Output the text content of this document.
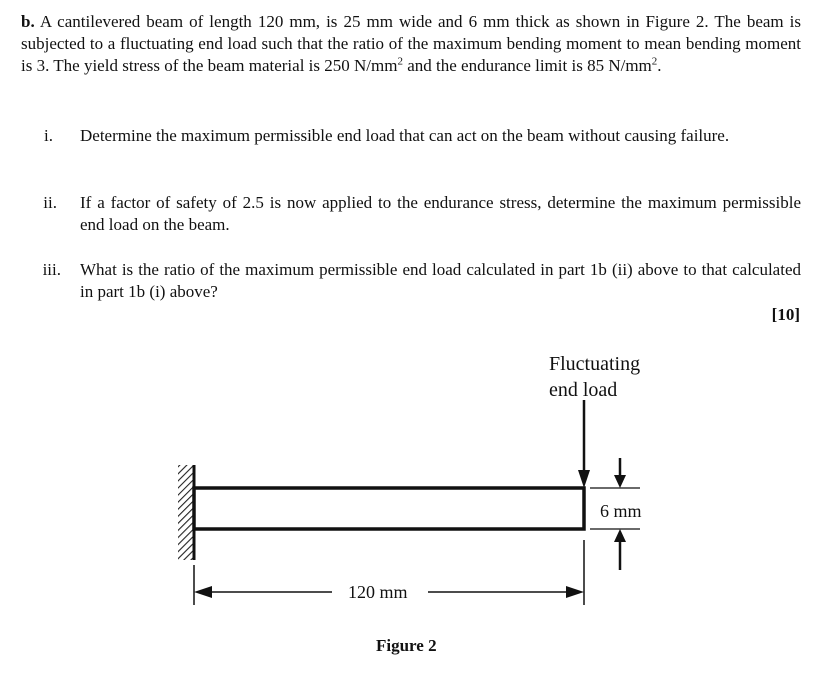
b. A cantilevered beam of length 120 mm, is 25 mm wide and 6 mm thick as shown in Figure 2. The beam is subjected to a fluctuating end load such that the ratio of the maximum bending moment to mean bending moment is 3. The yield stress of the beam material is 250 $N/mm^2$ and the endurance limit is 85 $N/mm^2$.
i. Determine the maximum permissible end load that can act on the beam without causing failure.
ii. If a factor of safety of 2.5 is now applied to the endurance stress, determine the maximum permissible end load on the beam.
iii. What is the ratio of the maximum permissible end load calculated in part 1b (ii) above to that calculated in part 1b (i) above?
[10]
Fluctuating
end load
6 mm
120 mm
Figure 2
